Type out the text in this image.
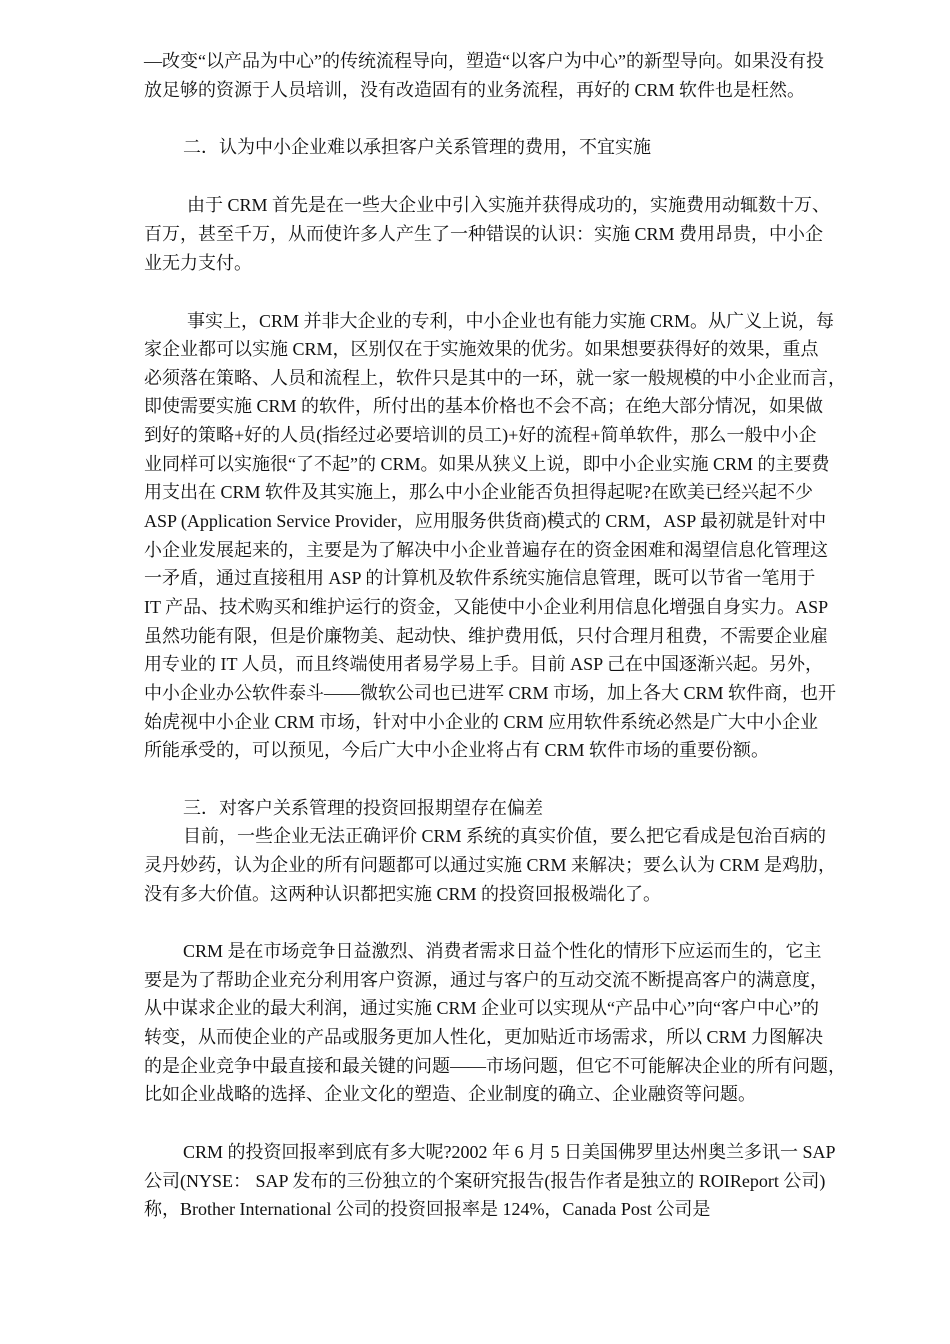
—改变“以产品为中心”的传统流程导向，塑造“以客户为中心”的新型导向。如果没有投
放足够的资源于人员培训，没有改造固有的业务流程，再好的 CRM 软件也是枉然。
二．认为中小企业难以承担客户关系管理的费用，不宜实施
由于 CRM 首先是在一些大企业中引入实施并获得成功的，实施费用动辄数十万、
百万，甚至千万，从而使许多人产生了一种错误的认识：实施 CRM 费用昂贵，中小企
业无力支付。
事实上，CRM 并非大企业的专利，中小企业也有能力实施 CRM。从广义上说，每
家企业都可以实施 CRM，区别仅在于实施效果的优劣。如果想要获得好的效果，重点
必须落在策略、人员和流程上，软件只是其中的一环，就一家一般规模的中小企业而言，
即使需要实施 CRM 的软件，所付出的基本价格也不会不高；在绝大部分情况，如果做
到好的策略+好的人员(指经过必要培训的员工)+好的流程+简单软件，那么一般中小企
业同样可以实施很“了不起”的 CRM。如果从狭义上说，即中小企业实施 CRM 的主要费
用支出在 CRM 软件及其实施上，那么中小企业能否负担得起呢?在欧美已经兴起不少
ASP (Application Service Provider，应用服务供货商)模式的 CRM，ASP 最初就是针对中
小企业发展起来的，主要是为了解决中小企业普遍存在的资金困难和渴望信息化管理这
一矛盾，通过直接租用 ASP 的计算机及软件系统实施信息管理，既可以节省一笔用于
IT 产品、技术购买和维护运行的资金，又能使中小企业利用信息化增强自身实力。ASP
虽然功能有限，但是价廉物美、起动快、维护费用低，只付合理月租费，不需要企业雇
用专业的 IT 人员，而且终端使用者易学易上手。目前 ASP 己在中国逐渐兴起。另外，
中小企业办公软件泰斗——微软公司也已进军 CRM 市场，加上各大 CRM 软件商，也开
始虎视中小企业 CRM 市场，针对中小企业的 CRM 应用软件系统必然是广大中小企业
所能承受的，可以预见，今后广大中小企业将占有 CRM 软件市场的重要份额。
三．对客户关系管理的投资回报期望存在偏差
目前，一些企业无法正确评价 CRM 系统的真实价值，要么把它看成是包治百病的
灵丹妙药，认为企业的所有问题都可以通过实施 CRM 来解决；要么认为 CRM 是鸡肋，
没有多大价值。这两种认识都把实施 CRM 的投资回报极端化了。
CRM 是在市场竞争日益激烈、消费者需求日益个性化的情形下应运而生的，它主
要是为了帮助企业充分利用客户资源，通过与客户的互动交流不断提高客户的满意度，
从中谋求企业的最大利润，通过实施 CRM 企业可以实现从“产品中心”向“客户中心”的
转变，从而使企业的产品或服务更加人性化，更加贴近市场需求，所以 CRM 力图解决
的是企业竞争中最直接和最关键的问题——市场问题，但它不可能解决企业的所有问题，
比如企业战略的选择、企业文化的塑造、企业制度的确立、企业融资等问题。
CRM 的投资回报率到底有多大呢?2002 年 6 月 5 日美国佛罗里达州奥兰多讯一 SAP
公司(NYSE： SAP 发布的三份独立的个案研究报告(报告作者是独立的 ROIReport 公司)
称，Brother International 公司的投资回报率是 124%，Canada Post 公司是
